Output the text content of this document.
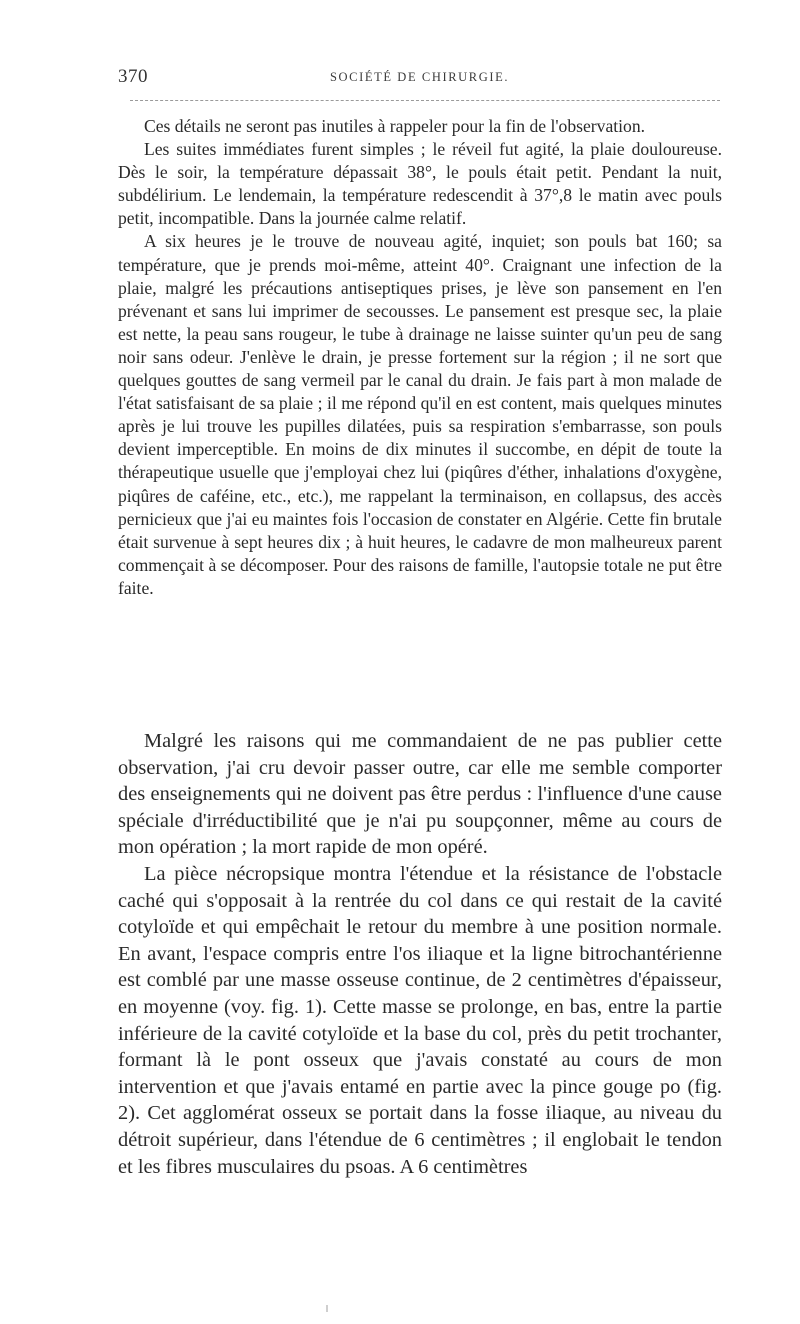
370	SOCIÉTÉ DE CHIRURGIE.

Ces détails ne seront pas inutiles à rappeler pour la fin de l'observation.

Les suites immédiates furent simples ; le réveil fut agité, la plaie douloureuse. Dès le soir, la température dépassait 38°, le pouls était petit. Pendant la nuit, subdélirium. Le lendemain, la température redescendit à 37°,8 le matin avec pouls petit, incompatible. Dans la journée calme relatif.

A six heures je le trouve de nouveau agité, inquiet; son pouls bat 160; sa température, que je prends moi-même, atteint 40°. Craignant une infection de la plaie, malgré les précautions antiseptiques prises, je lève son pansement en l'en prévenant et sans lui imprimer de secousses. Le pansement est presque sec, la plaie est nette, la peau sans rougeur, le tube à drainage ne laisse suinter qu'un peu de sang noir sans odeur. J'enlève le drain, je presse fortement sur la région ; il ne sort que quelques gouttes de sang vermeil par le canal du drain. Je fais part à mon malade de l'état satisfaisant de sa plaie ; il me répond qu'il en est content, mais quelques minutes après je lui trouve les pupilles dilatées, puis sa respiration s'embarrasse, son pouls devient imperceptible. En moins de dix minutes il succombe, en dépit de toute la thérapeutique usuelle que j'employai chez lui (piqûres d'éther, inhalations d'oxygène, piqûres de caféine, etc., etc.), me rappelant la terminaison, en collapsus, des accès pernicieux que j'ai eu maintes fois l'occasion de constater en Algérie. Cette fin brutale était survenue à sept heures dix ; à huit heures, le cadavre de mon malheureux parent commençait à se décomposer. Pour des raisons de famille, l'autopsie totale ne put être faite.

Malgré les raisons qui me commandaient de ne pas publier cette observation, j'ai cru devoir passer outre, car elle me semble comporter des enseignements qui ne doivent pas être perdus : l'influence d'une cause spéciale d'irréductibilité que je n'ai pu soupçonner, même au cours de mon opération ; la mort rapide de mon opéré.

La pièce nécropsique montra l'étendue et la résistance de l'obstacle caché qui s'opposait à la rentrée du col dans ce qui restait de la cavité cotyloïde et qui empêchait le retour du membre à une position normale. En avant, l'espace compris entre l'os iliaque et la ligne bitrochantérienne est comblé par une masse osseuse continue, de 2 centimètres d'épaisseur, en moyenne (voy. fig. 1). Cette masse se prolonge, en bas, entre la partie inférieure de la cavité cotyloïde et la base du col, près du petit trochanter, formant là le pont osseux que j'avais constaté au cours de mon intervention et que j'avais entamé en partie avec la pince gouge po (fig. 2). Cet agglomérat osseux se portait dans la fosse iliaque, au niveau du détroit supérieur, dans l'étendue de 6 centimètres ; il englobait le tendon et les fibres musculaires du psoas. A 6 centimètres
